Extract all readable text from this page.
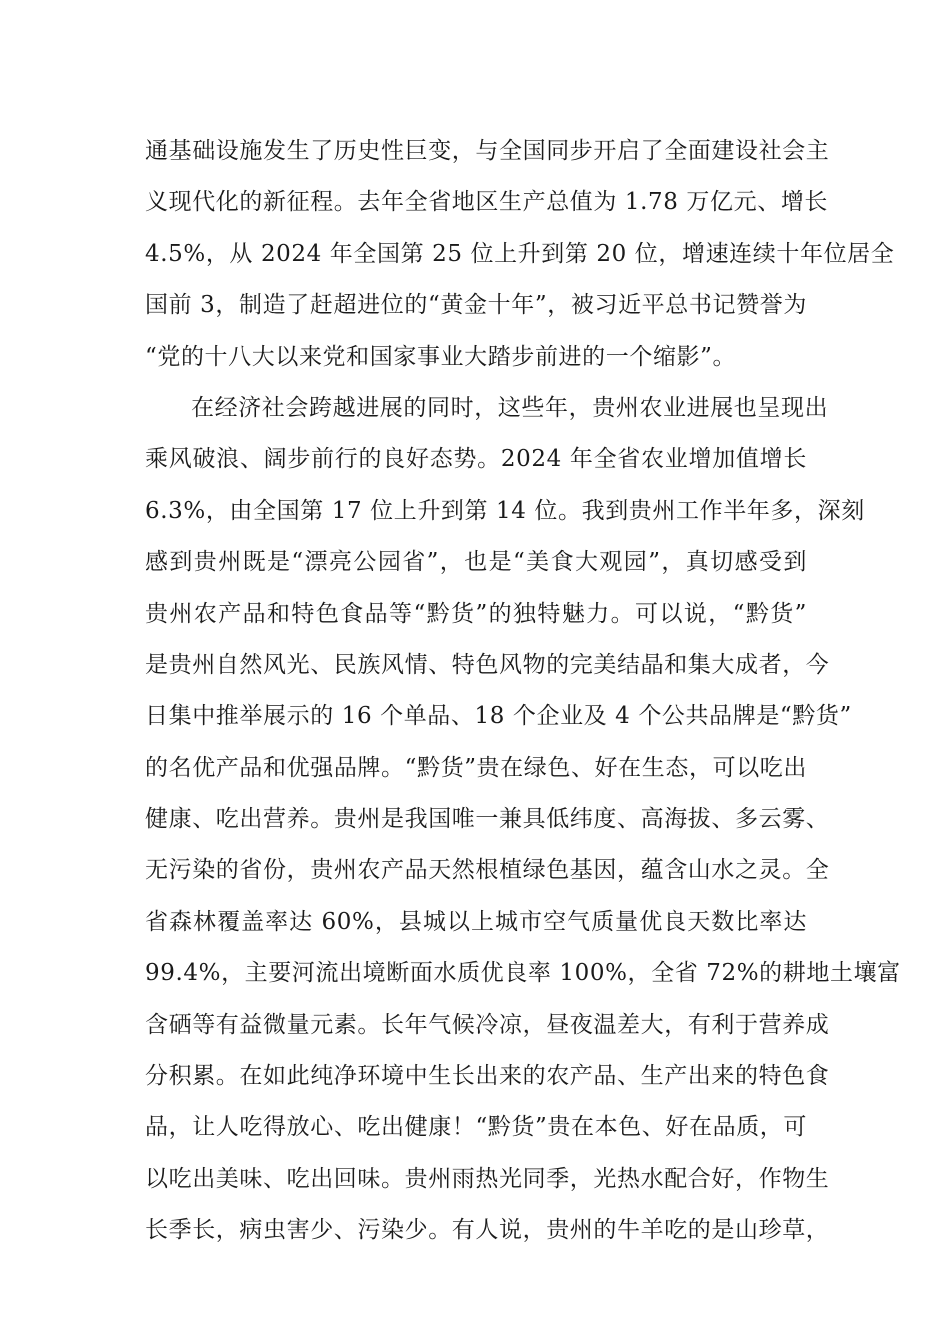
通基础设施发生了历史性巨变，与全国同步开启了全面建设社会主
义现代化的新征程。去年全省地区生产总值为 1.78 万亿元、增长
4.5%，从 2024 年全国第 25 位上升到第 20 位，增速连续十年位居全
国前 3，制造了赶超进位的“黄金十年”，被习近平总书记赞誉为
“党的十八大以来党和国家事业大踏步前进的一个缩影”。
在经济社会跨越进展的同时，这些年，贵州农业进展也呈现出
乘风破浪、阔步前行的良好态势。2024 年全省农业增加值增长
6.3%，由全国第 17 位上升到第 14 位。我到贵州工作半年多，深刻
感到贵州既是“漂亮公园省”，也是“美食大观园”，真切感受到
贵州农产品和特色食品等“黔货”的独特魅力。可以说，“黔货”
是贵州自然风光、民族风情、特色风物的完美结晶和集大成者，今
日集中推举展示的 16 个单品、18 个企业及 4 个公共品牌是“黔货”
的名优产品和优强品牌。“黔货”贵在绿色、好在生态，可以吃出
健康、吃出营养。贵州是我国唯一兼具低纬度、高海拔、多云雾、
无污染的省份，贵州农产品天然根植绿色基因，蕴含山水之灵。全
省森林覆盖率达 60%，县城以上城市空气质量优良天数比率达
99.4%，主要河流出境断面水质优良率 100%，全省 72%的耕地土壤富
含硒等有益微量元素。长年气候冷凉，昼夜温差大，有利于营养成
分积累。在如此纯净环境中生长出来的农产品、生产出来的特色食
品，让人吃得放心、吃出健康！“黔货”贵在本色、好在品质，可
以吃出美味、吃出回味。贵州雨热光同季，光热水配合好，作物生
长季长，病虫害少、污染少。有人说，贵州的牛羊吃的是山珍草，
